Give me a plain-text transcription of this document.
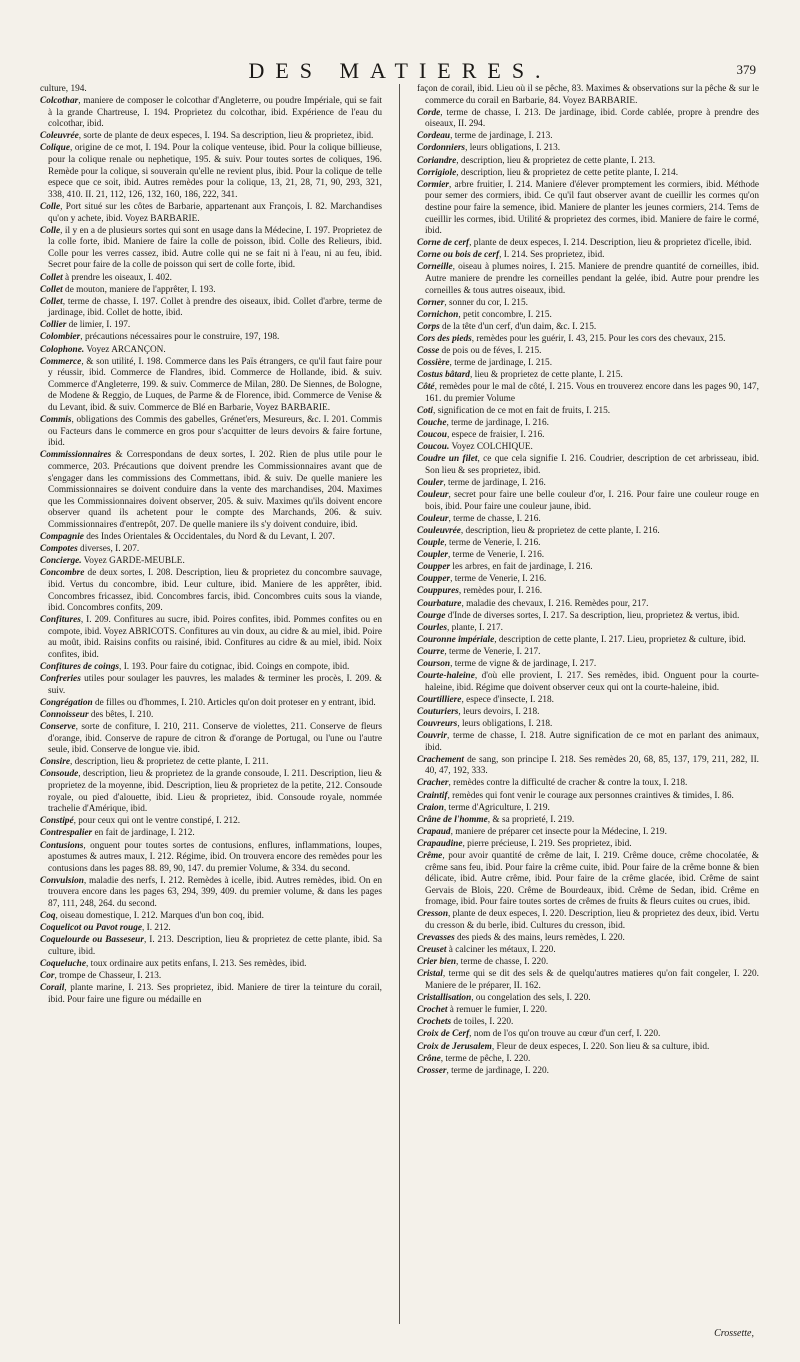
DES MATIERES.	379

culture, 194.

Colcothar, maniere de composer le colcothar d'Angleterre, ou poudre Impériale, qui se fait à la grande Chartreuse, I. 194. Proprietez du colcothar, ibid. Expérience de l'eau du colcothar, ibid.

Coleuvrée, sorte de plante de deux especes, I. 194. Sa description, lieu & proprietez, ibid.

Colique, origine de ce mot, I. 194. Pour la colique venteuse, ibid. Pour la colique billieuse, pour la colique renale ou nephetique, 195. & suiv. Pour toutes sortes de coliques, 196. Remède pour la colique, si souverain qu'elle ne revient plus, ibid. Pour la colique de telle espece que ce soit, ibid. Autres remèdes pour la colique, 13, 21, 28, 71, 90, 293, 321, 338, 410. II. 21, 112, 126, 132, 160, 186, 222, 341.

Colle, Port situé sur les côtes de Barbarie, appartenant aux François, I. 82. Marchandises qu'on y achete, ibid. Voyez BARBARIE.

Colle, il y en a de plusieurs sortes qui sont en usage dans la Médecine, I. 197. Proprietez de la colle forte, ibid. Maniere de faire la colle de poisson, ibid. Colle des Relieurs, ibid. Colle pour les verres cassez, ibid. Autre colle qui ne se fait ni à l'eau, ni au feu, ibid. Secret pour faire de la colle de poisson qui sert de colle forte, ibid.

Collet à prendre les oiseaux, I. 402.

Collet de mouton, maniere de l'apprêter, I. 193.

Collet, terme de chasse, I. 197. Collet à prendre des oiseaux, ibid. Collet d'arbre, terme de jardinage, ibid. Collet de hotte, ibid.

Collier de limier, I. 197.

Colombier, précautions nécessaires pour le construire, 197, 198.

Colophone. Voyez ARCANÇON.

Commerce, & son utilité, I. 198. Commerce dans les Païs étrangers, ce qu'il faut faire pour y réussir, ibid. Commerce de Flandres, ibid. Commerce de Hollande, ibid. & suiv. Commerce d'Angleterre, 199. & suiv. Commerce de Milan, 280. De Siennes, de Bologne, de Modene & Reggio, de Luques, de Parme & de Florence, ibid. Commerce de Venise & du Levant, ibid. & suiv. Commerce de Blé en Barbarie, Voyez BARBARIE.

Commis, obligations des Commis des gabelles, Grénet'ers, Mesureurs, &c. I. 201. Commis ou Facteurs dans le commerce en gros pour s'acquitter de leurs devoirs & faire fortune, ibid.

Commissionnaires & Correspondans de deux sortes, I. 202. Rien de plus utile pour le commerce, 203. Précautions que doivent prendre les Commissionnaires avant que de s'engager dans les commissions des Commettans, ibid. & suiv. De quelle maniere les Commissionnaires se doivent conduire dans la vente des marchandises, 204. Maximes que les Commissionnaires doivent observer, 205. & suiv. Maximes qu'ils doivent encore observer quand ils achetent pour le compte des Marchands, 206. & suiv. Commissionnaires d'entrepôt, 207. De quelle maniere ils s'y doivent conduire, ibid.

Compagnie des Indes Orientales & Occidentales, du Nord & du Levant, I. 207.

Compotes diverses, I. 207.

Concierge. Voyez GARDE-MEUBLE.

Concombre de deux sortes, I. 208. Description, lieu & proprietez du concombre sauvage, ibid. Vertus du concombre, ibid. Leur culture, ibid. Maniere de les apprêter, ibid. Concombres fricassez, ibid. Concombres farcis, ibid. Concombres cuits sous la viande, ibid. Concombres confits, 209.

Confitures, I. 209. Confitures au sucre, ibid. Poires confites, ibid. Pommes confites ou en compote, ibid. Voyez ABRICOTS. Confitures au vin doux, au cidre & au miel, ibid. Poire au moût, ibid. Raisins confits ou raisiné, ibid. Confitures au cidre & au miel, ibid. Noix confites, ibid.

Confitures de coings, I. 193. Pour faire du cotignac, ibid. Coings en compote, ibid.

Confreries utiles pour soulager les pauvres, les malades & terminer les procès, I. 209. & suiv.

Congrégation de filles ou d'hommes, I. 210. Articles qu'on doit proteser en y entrant, ibid.

Connoisseur des bêtes, I. 210.

Conserve, sorte de confiture, I. 210, 211. Conserve de violettes, 211. Conserve de fleurs d'orange, ibid. Conserve de rapure de citron & d'orange de Portugal, ou l'une ou l'autre seule, ibid. Conserve de longue vie. ibid.

Consire, description, lieu & proprietez de cette plante, I. 211.

Consoude, description, lieu & proprietez de la grande consoude, I. 211. Description, lieu & proprietez de la moyenne, ibid. Description, lieu & proprietez de la petite, 212. Consoude royale, ou pied d'alouette, ibid. Lieu & proprietez, ibid. Consoude royale, nommée trachelie d'Amérique, ibid.

Constipé, pour ceux qui ont le ventre constipé, I. 212.

Contrespalier en fait de jardinage, I. 212.

Contusions, onguent pour toutes sortes de contusions, enflures, inflammations, loupes, apostumes & autres maux, I. 212. Régime, ibid. On trouvera encore des remèdes pour les contusions dans les pages 88. 89, 90, 147. du premier Volume, & 334. du second.

Convulsion, maladie des nerfs, I. 212. Remèdes à icelle, ibid. Autres remèdes, ibid. On en trouvera encore dans les pages 63, 294, 399, 409. du premier volume, & dans les pages 87, 111, 248, 264. du second.

Coq, oiseau domestique, I. 212. Marques d'un bon coq, ibid.

Coquelicot ou Pavot rouge, I. 212.

Coquelourde ou Basseseur, I. 213. Description, lieu & proprietez de cette plante, ibid. Sa culture, ibid.

Coqueluche, toux ordinaire aux petits enfans, I. 213. Ses remèdes, ibid.

Cor, trompe de Chasseur, I. 213.

Corail, plante marine, I. 213. Ses proprietez, ibid. Maniere de tirer la teinture du corail, ibid. Pour faire une figure ou médaille en

façon de corail, ibid. Lieu où il se pêche, 83. Maximes & observations sur la pêche & sur le commerce du corail en Barbarie, 84. Voyez BARBARIE.

Corde, terme de chasse, I. 213. De jardinage, ibid. Corde cablée, propre à prendre des oiseaux, II. 294.

Cordeau, terme de jardinage, I. 213.

Cordonniers, leurs obligations, I. 213.

Coriandre, description, lieu & proprietez de cette plante, I. 213.

Corrigiole, description, lieu & proprietez de cette petite plante, I. 214.

Cormier, arbre fruitier, I. 214. Maniere d'élever promptement les cormiers, ibid. Méthode pour semer des cormiers, ibid. Ce qu'il faut observer avant de cueillir les cormes qu'on destine pour faire la semence, ibid. Maniere de planter les jeunes cormiers, 214. Tems de cueillir les cormes, ibid. Utilité & proprietez des cormes, ibid. Maniere de faire le cormé, ibid.

Corne de cerf, plante de deux especes, I. 214. Description, lieu & proprietez d'icelle, ibid.

Corne ou bois de cerf, I. 214. Ses proprietez, ibid.

Corneille, oiseau à plumes noires, I. 215. Maniere de prendre quantité de corneilles, ibid. Autre maniere de prendre les corneilles pendant la gelée, ibid. Autre pour prendre les corneilles & tous autres oiseaux, ibid.

Corner, sonner du cor, I. 215.

Cornichon, petit concombre, I. 215.

Corps de la tête d'un cerf, d'un daim, &c. I. 215.

Cors des pieds, remèdes pour les guérir, I. 43, 215. Pour les cors des chevaux, 215.

Cosse de pois ou de féves, I. 215.

Cossière, terme de jardinage, I. 215.

Costus bâtard, lieu & proprietez de cette plante, I. 215.

Côté, remèdes pour le mal de côté, I. 215. Vous en trouverez encore dans les pages 90, 147, 161. du premier Volume

Coti, signification de ce mot en fait de fruits, I. 215.

Couche, terme de jardinage, I. 216.

Coucou, espece de fraisier, I. 216.

Coucou. Voyez COLCHIQUE.

Coudre un filet, ce que cela signifie I. 216. Coudrier, description de cet arbrisseau, ibid. Son lieu & ses proprietez, ibid.

Couler, terme de jardinage, I. 216.

Couleur, secret pour faire une belle couleur d'or, I. 216. Pour faire une couleur rouge en bois, ibid. Pour faire une couleur jaune, ibid.

Couleur, terme de chasse, I. 216.

Couleuvrée, description, lieu & proprietez de cette plante, I. 216.

Couple, terme de Venerie, I. 216.

Coupler, terme de Venerie, I. 216.

Coupper les arbres, en fait de jardinage, I. 216.

Coupper, terme de Venerie, I. 216.

Couppures, remèdes pour, I. 216.

Courbature, maladie des chevaux, I. 216. Remèdes pour, 217.

Courge d'Inde de diverses sortes, I. 217. Sa description, lieu, proprietez & vertus, ibid.

Courles, plante, I. 217.

Couronne impériale, description de cette plante, I. 217. Lieu, proprietez & culture, ibid.

Courre, terme de Venerie, I. 217.

Courson, terme de vigne & de jardinage, I. 217.

Courte-haleine, d'où elle provient, I. 217. Ses remèdes, ibid. Onguent pour la courte-haleine, ibid. Régime que doivent observer ceux qui ont la courte-haleine, ibid.

Courtilliere, espece d'insecte, I. 218.

Couturiers, leurs devoirs, I. 218.

Couvreurs, leurs obligations, I. 218.

Couvrir, terme de chasse, I. 218. Autre signification de ce mot en parlant des animaux, ibid.

Crachement de sang, son principe I. 218. Ses remèdes 20, 68, 85, 137, 179, 211, 282, II. 40, 47, 192, 333.

Cracher, remèdes contre la difficulté de cracher & contre la toux, I. 218.

Craintif, remèdes qui font venir le courage aux personnes craintives & timides, I. 86.

Craion, terme d'Agriculture, I. 219.

Crâne de l'homme, & sa proprieté, I. 219.

Crapaud, maniere de préparer cet insecte pour la Médecine, I. 219.

Crapaudine, pierre précieuse, I. 219. Ses proprietez, ibid.

Crême, pour avoir quantité de crême de lait, I. 219. Crême douce, crême chocolatée, & crême sans feu, ibid. Pour faire la crême cuite, ibid. Pour faire de la crême bonne & bien délicate, ibid. Autre crême, ibid. Pour faire de la crême glacée, ibid. Crême de saint Gervais de Blois, 220. Crême de Bourdeaux, ibid. Crême de Sedan, ibid. Crême en fromage, ibid. Pour faire toutes sortes de crêmes de fruits & fleurs cuites ou crues, ibid.

Cresson, plante de deux especes, I. 220. Description, lieu & proprietez des deux, ibid. Vertu du cresson & du berle, ibid. Cultures du cresson, ibid.

Crevasses des pieds & des mains, leurs remèdes, I. 220.

Creuset à calciner les métaux, I. 220.

Crier bien, terme de chasse, I. 220.

Cristal, terme qui se dit des sels & de quelqu'autres matieres qu'on fait congeler, I. 220. Maniere de le préparer, II. 162.

Cristallisation, ou congelation des sels, I. 220.

Crochet à remuer le fumier, I. 220.

Crochets de toiles, I. 220.

Croix de Cerf, nom de l'os qu'on trouve au cœur d'un cerf, I. 220.

Croix de Jerusalem, Fleur de deux especes, I. 220. Son lieu & sa culture, ibid.

Crône, terme de pêche, I. 220.

Crosser, terme de jardinage, I. 220.

Crossette,
